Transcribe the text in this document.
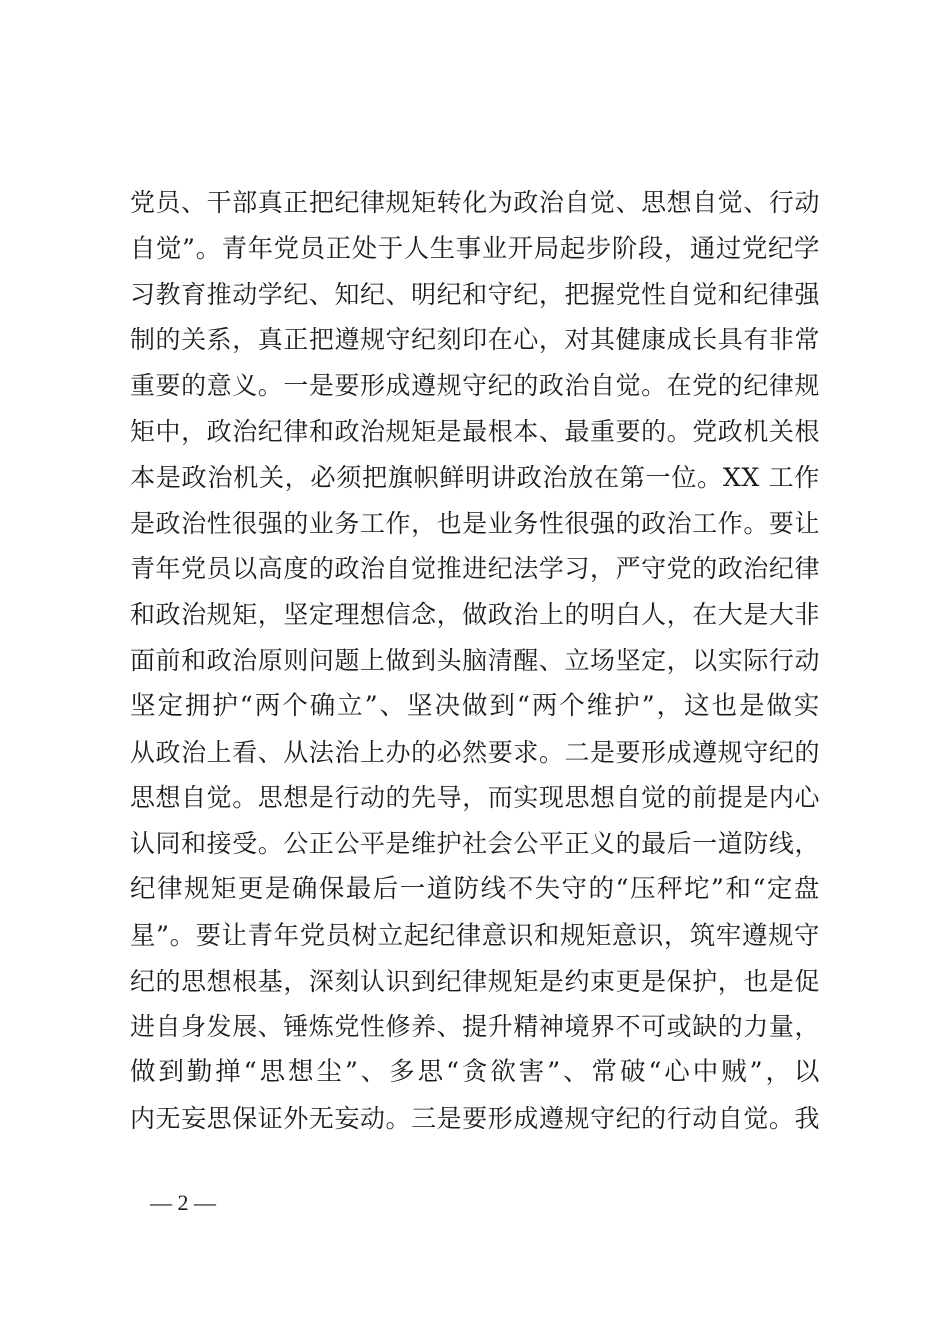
党员、干部真正把纪律规矩转化为政治自觉、思想自觉、行动
自觉”。青年党员正处于人生事业开局起步阶段，通过党纪学
习教育推动学纪、知纪、明纪和守纪，把握党性自觉和纪律强
制的关系，真正把遵规守纪刻印在心，对其健康成长具有非常
重要的意义。一是要形成遵规守纪的政治自觉。在党的纪律规
矩中，政治纪律和政治规矩是最根本、最重要的。党政机关根
本是政治机关，必须把旗帜鲜明讲政治放在第一位。XX 工作
是政治性很强的业务工作，也是业务性很强的政治工作。要让
青年党员以高度的政治自觉推进纪法学习，严守党的政治纪律
和政治规矩，坚定理想信念，做政治上的明白人，在大是大非
面前和政治原则问题上做到头脑清醒、立场坚定，以实际行动
坚定拥护“两个确立”、坚决做到“两个维护”，这也是做实
从政治上看、从法治上办的必然要求。二是要形成遵规守纪的
思想自觉。思想是行动的先导，而实现思想自觉的前提是内心
认同和接受。公正公平是维护社会公平正义的最后一道防线，
纪律规矩更是确保最后一道防线不失守的“压秤坨”和“定盘
星”。要让青年党员树立起纪律意识和规矩意识，筑牢遵规守
纪的思想根基，深刻认识到纪律规矩是约束更是保护，也是促
进自身发展、锤炼党性修养、提升精神境界不可或缺的力量，
做到勤掸“思想尘”、多思“贪欲害”、常破“心中贼”，以
内无妄思保证外无妄动。三是要形成遵规守纪的行动自觉。我
— 2 —
